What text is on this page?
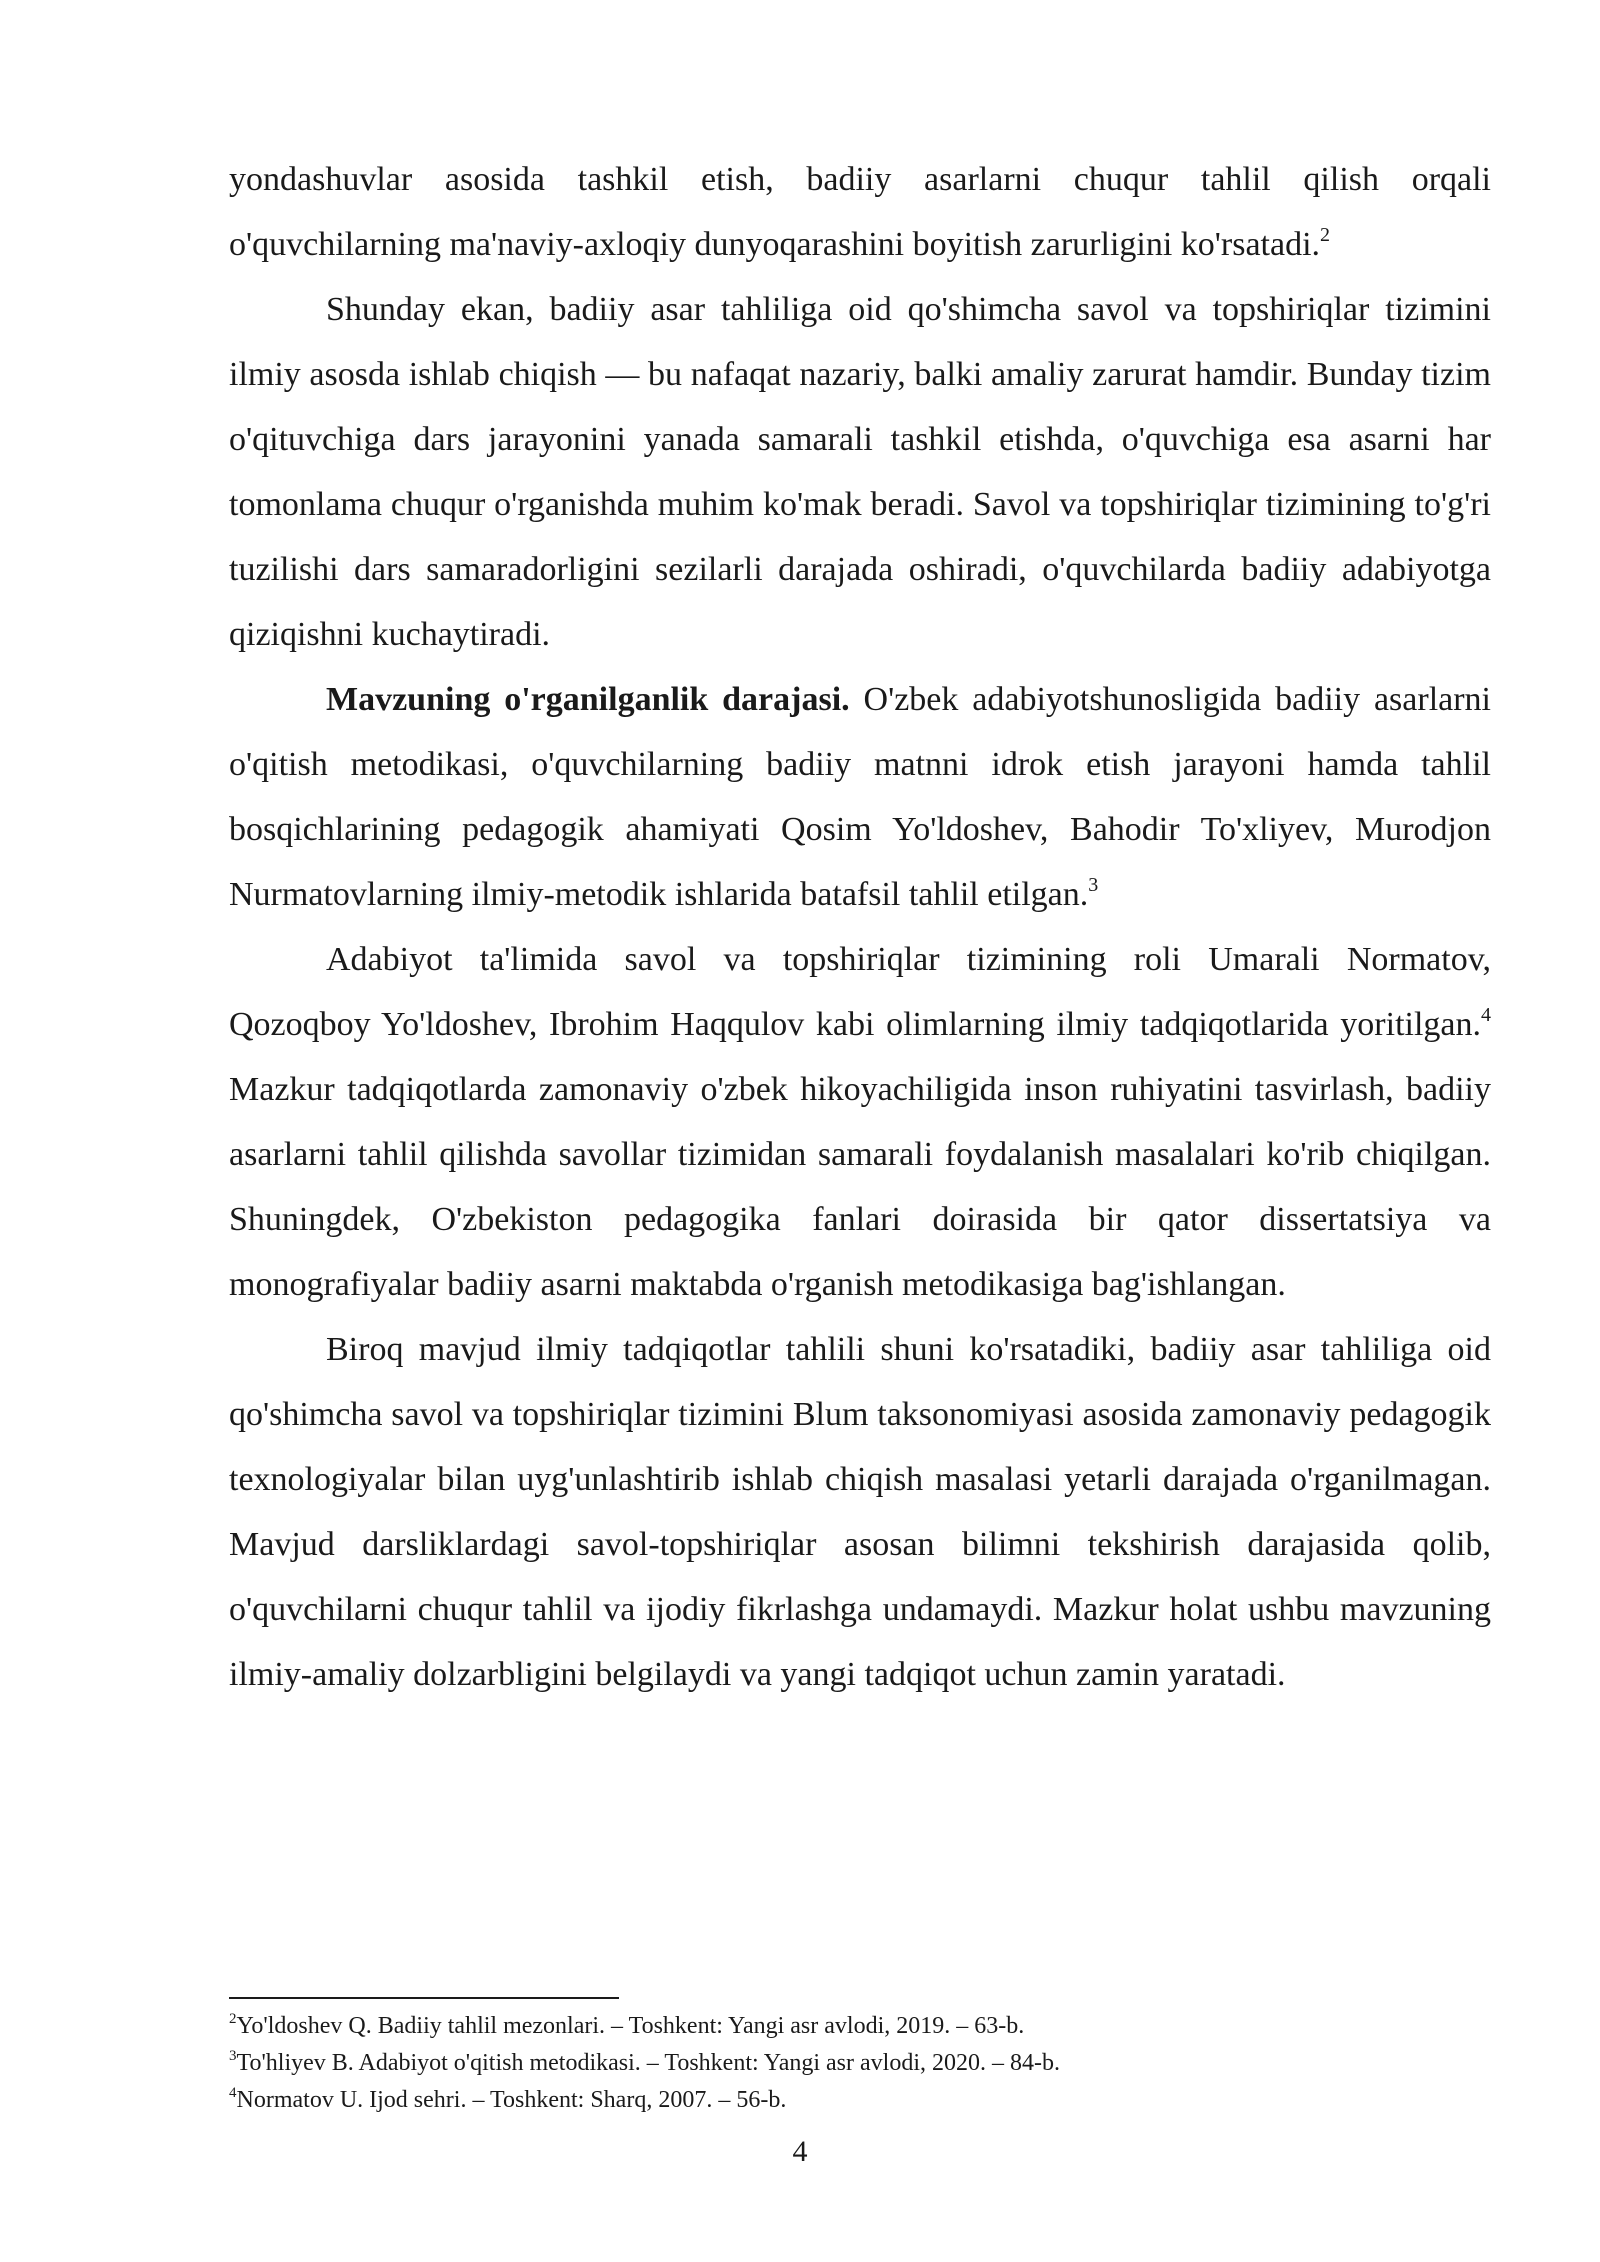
yondashuvlar asosida tashkil etish, badiiy asarlarni chuqur tahlil qilish orqali o'quvchilarning ma'naviy-axloqiy dunyoqarashini boyitish zarurligini ko'rsatadi.$^2$

Shunday ekan, badiiy asar tahliliga oid qo'shimcha savol va topshiriqlar tizimini ilmiy asosda ishlab chiqish — bu nafaqat nazariy, balki amaliy zarurat hamdir. Bunday tizim o'qituvchiga dars jarayonini yanada samarali tashkil etishda, o'quvchiga esa asarni har tomonlama chuqur o'rganishda muhim ko'mak beradi. Savol va topshiriqlar tizimining to'g'ri tuzilishi dars samaradorligini sezilarli darajada oshiradi, o'quvchilarda badiiy adabiyotga qiziqishni kuchaytiradi.

Mavzuning o'rganilganlik darajasi. O'zbek adabiyotshunosligida badiiy asarlarni o'qitish metodikasi, o'quvchilarning badiiy matnni idrok etish jarayoni hamda tahlil bosqichlarining pedagogik ahamiyati Qosim Yo'ldoshev, Bahodir To'xliyev, Murodjon Nurmatovlarning ilmiy-metodik ishlarida batafsil tahlil etilgan.$^3$

Adabiyot ta'limida savol va topshiriqlar tizimining roli Umarali Normatov, Qozoqboy Yo'ldoshev, Ibrohim Haqqulov kabi olimlarning ilmiy tadqiqotlarida yoritilgan.$^4$ Mazkur tadqiqotlarda zamonaviy o'zbek hikoyachiligida inson ruhiyatini tasvirlash, badiiy asarlarni tahlil qilishda savollar tizimidan samarali foydalanish masalalari ko'rib chiqilgan. Shuningdek, O'zbekiston pedagogika fanlari doirasida bir qator dissertatsiya va monografiyalar badiiy asarni maktabda o'rganish metodikasiga bag'ishlangan.

Biroq mavjud ilmiy tadqiqotlar tahlili shuni ko'rsatadiki, badiiy asar tahliliga oid qo'shimcha savol va topshiriqlar tizimini Blum taksonomiyasi asosida zamonaviy pedagogik texnologiyalar bilan uyg'unlashtirib ishlab chiqish masalasi yetarli darajada o'rganilmagan. Mavjud darsliklardagi savol-topshiriqlar asosan bilimni tekshirish darajasida qolib, o'quvchilarni chuqur tahlil va ijodiy fikrlashga undamaydi. Mazkur holat ushbu mavzuning ilmiy-amaliy dolzarbligini belgilaydi va yangi tadqiqot uchun zamin yaratadi.

$^2$Yo'ldoshev Q. Badiiy tahlil mezonlari. – Toshkent: Yangi asr avlodi, 2019. – 63-b.

$^3$To'hliyev B. Adabiyot o'qitish metodikasi. – Toshkent: Yangi asr avlodi, 2020. – 84-b.

$^4$Normatov U. Ijod sehri. – Toshkent: Sharq, 2007. – 56-b.

4
